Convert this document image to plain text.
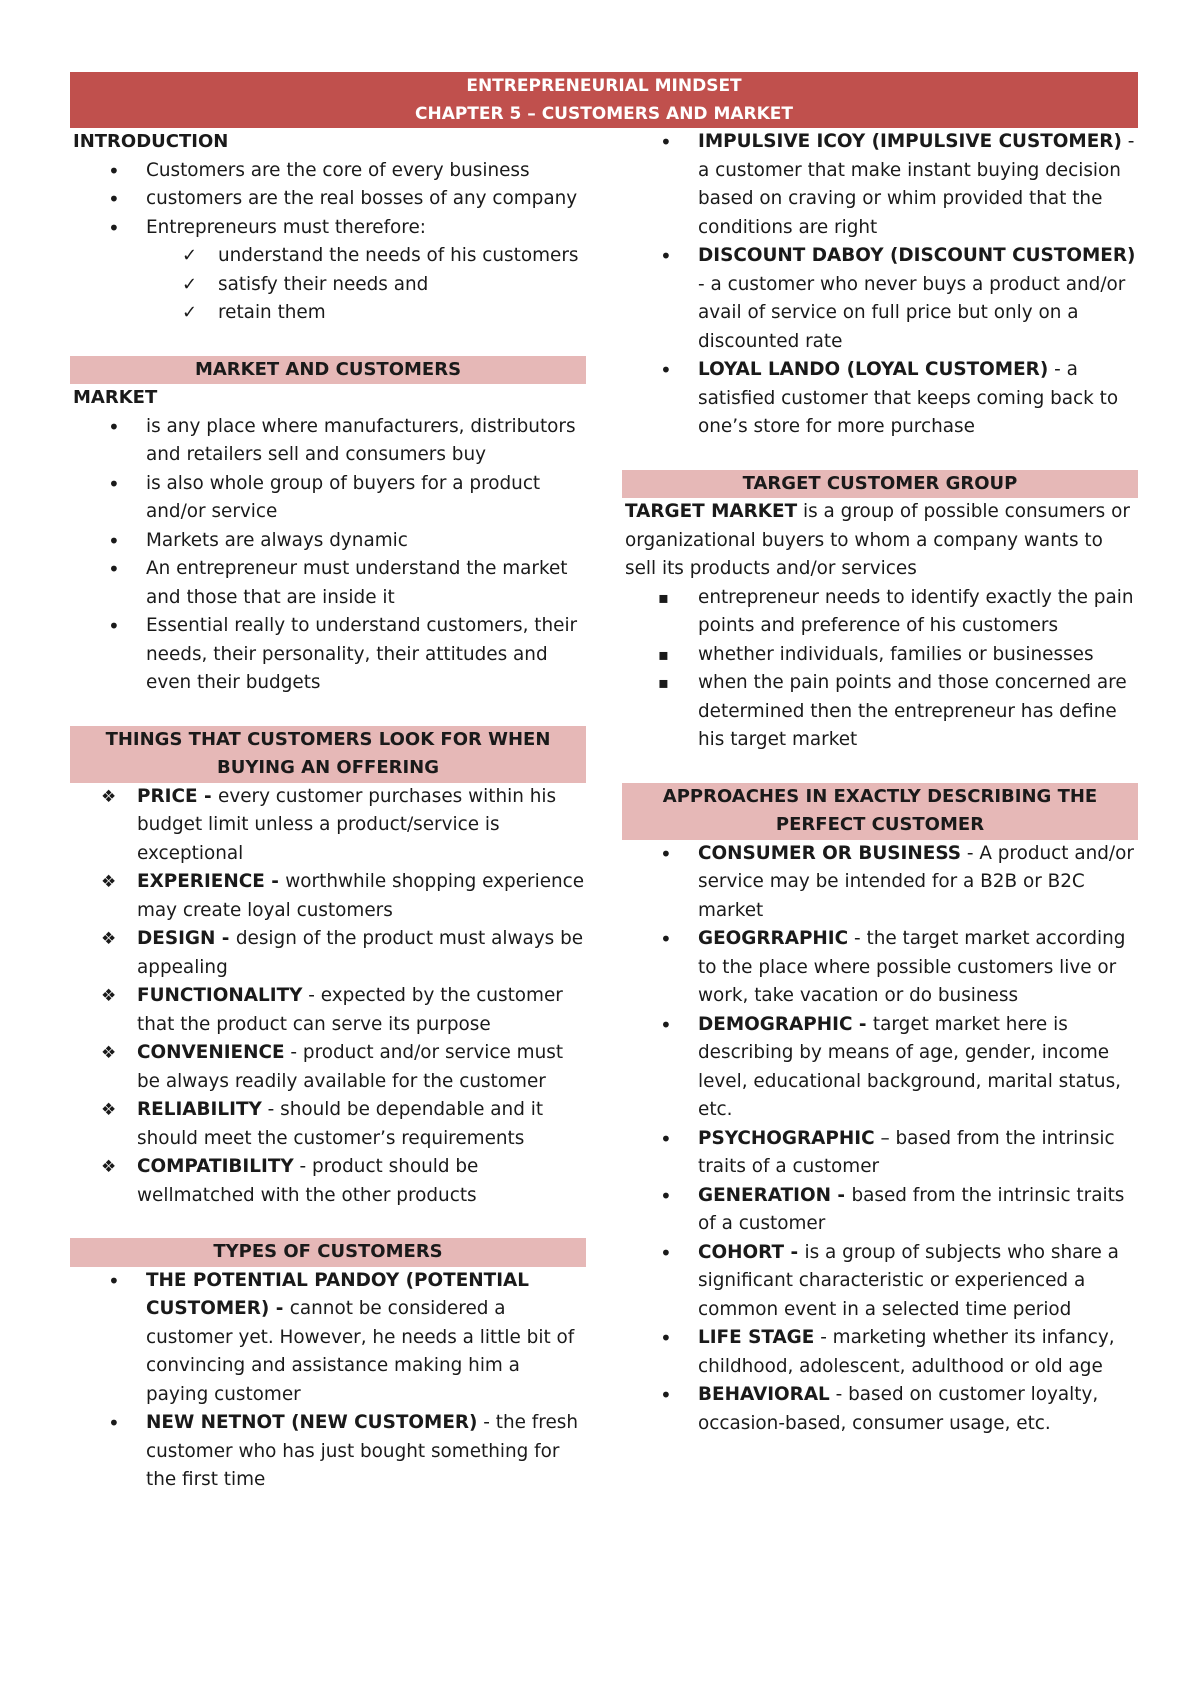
ENTREPRENEURIAL MINDSET
CHAPTER 5 – CUSTOMERS AND MARKET
INTRODUCTION
• Customers are the core of every business
• customers are the real bosses of any company
• Entrepreneurs must therefore:
✓ understand the needs of his customers
✓ satisfy their needs and
✓ retain them
MARKET AND CUSTOMERS
MARKET
• is any place where manufacturers, distributors and retailers sell and consumers buy
• is also whole group of buyers for a product and/or service
• Markets are always dynamic
• An entrepreneur must understand the market and those that are inside it
• Essential really to understand customers, their needs, their personality, their attitudes and even their budgets
THINGS THAT CUSTOMERS LOOK FOR WHEN BUYING AN OFFERING
❖ PRICE - every customer purchases within his budget limit unless a product/service is exceptional
❖ EXPERIENCE - worthwhile shopping experience may create loyal customers
❖ DESIGN - design of the product must always be appealing
❖ FUNCTIONALITY - expected by the customer that the product can serve its purpose
❖ CONVENIENCE - product and/or service must be always readily available for the customer
❖ RELIABILITY - should be dependable and it should meet the customer’s requirements
❖ COMPATIBILITY - product should be wellmatched with the other products
TYPES OF CUSTOMERS
• THE POTENTIAL PANDOY (POTENTIAL CUSTOMER) - cannot be considered a customer yet. However, he needs a little bit of convincing and assistance making him a paying customer
• NEW NETNOT (NEW CUSTOMER) - the fresh customer who has just bought something for the first time
• IMPULSIVE ICOY (IMPULSIVE CUSTOMER) - a customer that make instant buying decision based on craving or whim provided that the conditions are right
• DISCOUNT DABOY (DISCOUNT CUSTOMER) - a customer who never buys a product and/or avail of service on full price but only on a discounted rate
• LOYAL LANDO (LOYAL CUSTOMER) - a satisfied customer that keeps coming back to one’s store for more purchase
TARGET CUSTOMER GROUP
TARGET MARKET is a group of possible consumers or organizational buyers to whom a company wants to sell its products and/or services
▪ entrepreneur needs to identify exactly the pain points and preference of his customers
▪ whether individuals, families or businesses
▪ when the pain points and those concerned are determined then the entrepreneur has define his target market
APPROACHES IN EXACTLY DESCRIBING THE PERFECT CUSTOMER
• CONSUMER OR BUSINESS - A product and/or service may be intended for a B2B or B2C market
• GEOGRRAPHIC - the target market according to the place where possible customers live or work, take vacation or do business
• DEMOGRAPHIC - target market here is describing by means of age, gender, income level, educational background, marital status, etc.
• PSYCHOGRAPHIC – based from the intrinsic traits of a customer
• GENERATION - based from the intrinsic traits of a customer
• COHORT - is a group of subjects who share a significant characteristic or experienced a common event in a selected time period
• LIFE STAGE - marketing whether its infancy, childhood, adolescent, adulthood or old age
• BEHAVIORAL - based on customer loyalty, occasion-based, consumer usage, etc.
